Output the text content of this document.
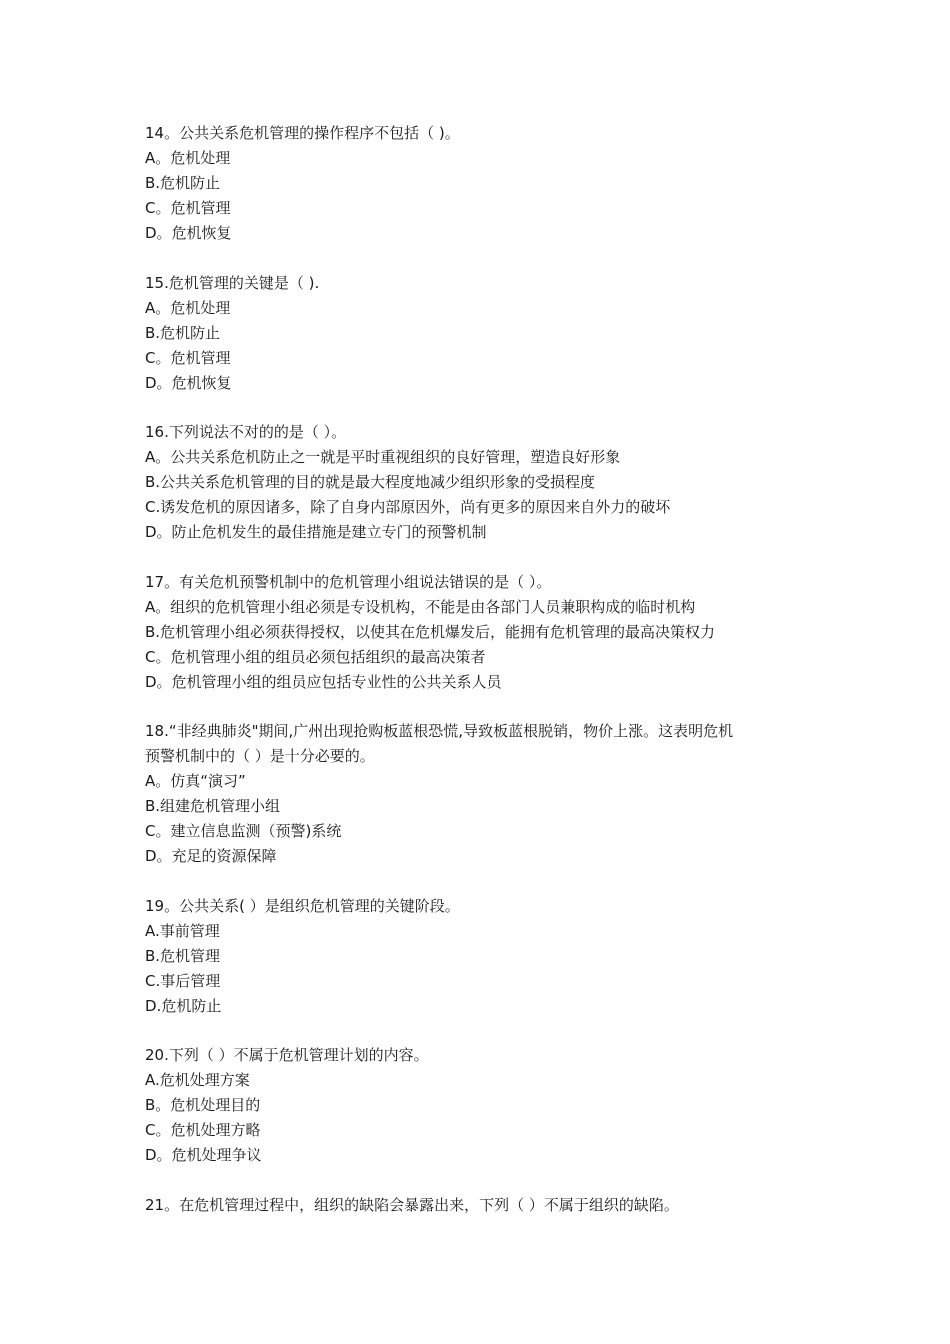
14。公共关系危机管理的操作程序不包括（ )。
A。危机处理
B.危机防止
C。危机管理
D。危机恢复
15.危机管理的关键是（ ).
A。危机处理
B.危机防止
C。危机管理
D。危机恢复
16.下列说法不对的的是（ ）。
A。公共关系危机防止之一就是平时重视组织的良好管理，塑造良好形象
B.公共关系危机管理的目的就是最大程度地减少组织形象的受损程度
C.诱发危机的原因诸多，除了自身内部原因外，尚有更多的原因来自外力的破坏
D。防止危机发生的最佳措施是建立专门的预警机制
17。有关危机预警机制中的危机管理小组说法错误的是（ ）。
A。组织的危机管理小组必须是专设机构，不能是由各部门人员兼职构成的临时机构
B.危机管理小组必须获得授权，以使其在危机爆发后，能拥有危机管理的最高决策权力
C。危机管理小组的组员必须包括组织的最高决策者
D。危机管理小组的组员应包括专业性的公共关系人员
18.“非经典肺炎"期间,广州出现抢购板蓝根恐慌,导致板蓝根脱销，物价上涨。这表明危机
预警机制中的（ ）是十分必要的。
A。仿真“演习”
B.组建危机管理小组
C。建立信息监测（预警)系统
D。充足的资源保障
19。公共关系( ）是组织危机管理的关键阶段。
A.事前管理
B.危机管理
C.事后管理
D.危机防止
20.下列（ ）不属于危机管理计划的内容。
A.危机处理方案
B。危机处理目的
C。危机处理方略
D。危机处理争议
21。在危机管理过程中，组织的缺陷会暴露出来，下列（ ）不属于组织的缺陷。
